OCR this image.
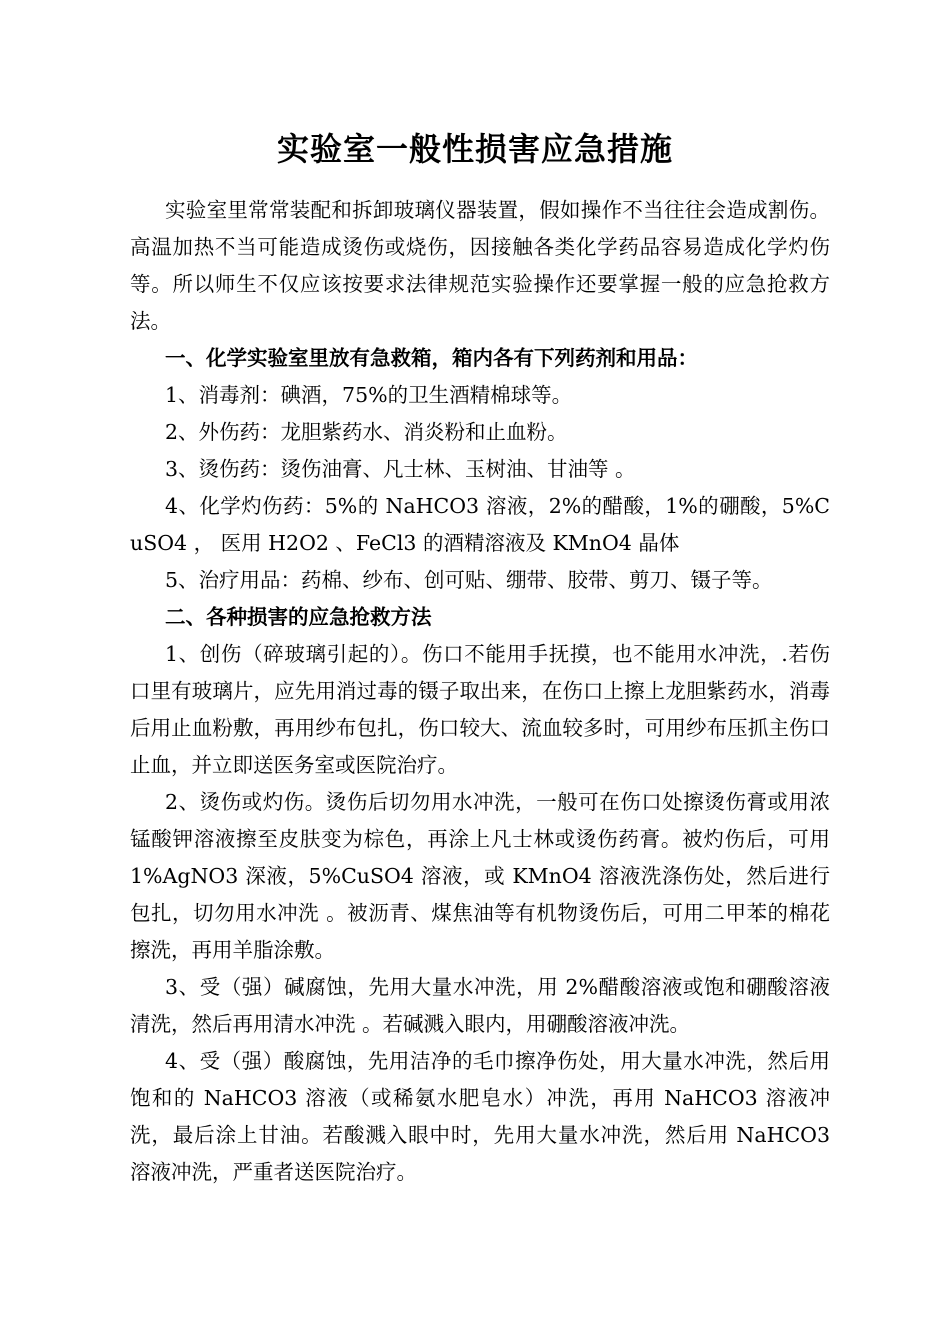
实验室一般性损害应急措施

实验室里常常装配和拆卸玻璃仪器装置，假如操作不当往往会造成割伤。高温加热不当可能造成烫伤或烧伤，因接触各类化学药品容易造成化学灼伤等。所以师生不仅应该按要求法律规范实验操作还要掌握一般的应急抢救方法。

一、化学实验室里放有急救箱，箱内各有下列药剂和用品：

1、消毒剂：碘酒，75%的卫生酒精棉球等。

2、外伤药：龙胆紫药水、消炎粉和止血粉。

3、烫伤药：烫伤油膏、凡士林、玉树油、甘油等 。

4、化学灼伤药：5%的 NaHCO3 溶液，2%的醋酸，1%的硼酸，5%CuSO4 ， 医用 H2O2 、FeCl3 的酒精溶液及 KMnO4 晶体

5、治疗用品：药棉、纱布、创可贴、绷带、胶带、剪刀、镊子等。

二、各种损害的应急抢救方法

1、创伤（碎玻璃引起的）。伤口不能用手抚摸，也不能用水冲洗，.若伤口里有玻璃片，应先用消过毒的镊子取出来，在伤口上擦上龙胆紫药水，消毒后用止血粉敷，再用纱布包扎，伤口较大、流血较多时，可用纱布压抓主伤口止血，并立即送医务室或医院治疗。

2、烫伤或灼伤。烫伤后切勿用水冲洗，一般可在伤口处擦烫伤膏或用浓锰酸钾溶液擦至皮肤变为棕色，再涂上凡士林或烫伤药膏。被灼伤后，可用 1%AgNO3 深液，5%CuSO4 溶液，或 KMnO4 溶液洗涤伤处，然后进行包扎，切勿用水冲洗 。被沥青、煤焦油等有机物烫伤后，可用二甲苯的棉花擦洗，再用羊脂涂敷。

3、受（强）碱腐蚀，先用大量水冲洗，用 2%醋酸溶液或饱和硼酸溶液清洗，然后再用清水冲洗 。若碱溅入眼内，用硼酸溶液冲洗。

4、受（强）酸腐蚀，先用洁净的毛巾擦净伤处，用大量水冲洗，然后用饱和的 NaHCO3 溶液（或稀氨水肥皂水）冲洗，再用 NaHCO3 溶液冲洗，最后涂上甘油。若酸溅入眼中时，先用大量水冲洗，然后用 NaHCO3 溶液冲洗，严重者送医院治疗。
